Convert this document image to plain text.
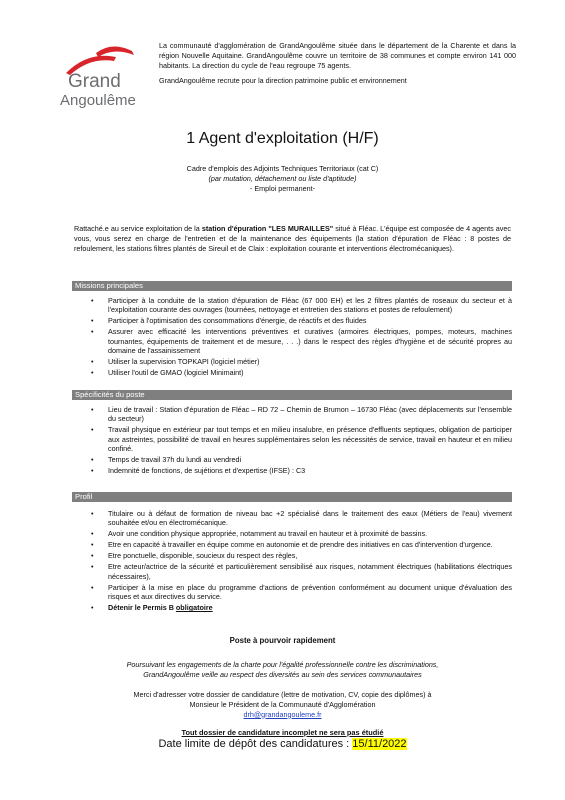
Grand
Angoulême

La communauté d'agglomération de GrandAngoulême située dans le département de la Charente et dans la région Nouvelle Aquitaine. GrandAngoulême couvre un territoire de 38 communes et compte environ 141 000 habitants. La direction du cycle de l'eau regroupe 75 agents.

GrandAngoulême recrute pour la direction patrimoine public et environnement

1 Agent d'exploitation (H/F)
Cadre d'emplois des Adjoints Techniques Territoriaux (cat C)
(par mutation, détachement ou liste d'aptitude)
- Emploi permanent-
Rattaché.e au service exploitation de la station d'épuration "LES MURAILLES" situé à Fléac. L'équipe est composée de 4 agents avec vous, vous serez en charge de l'entretien et de la maintenance des équipements (la station d'épuration de Fléac : 8 postes de refoulement, les stations filtres plantés de Sireuil et de Claix : exploitation courante et interventions électromécaniques).
Missions principales
• Participer à la conduite de la station d'épuration de Fléac (67 000 EH) et les 2 filtres plantés de roseaux du secteur et à l'exploitation courante des ouvrages (tournées, nettoyage et entretien des stations et postes de refoulement)
• Participer à l'optimisation des consommations d'énergie, de réactifs et des fluides
• Assurer avec efficacité les interventions préventives et curatives (armoires électriques, pompes, moteurs, machines tournantes, équipements de traitement et de mesure, . . .) dans le respect des règles d'hygiène et de sécurité propres au domaine de l'assainissement
• Utiliser la supervision TOPKAPI (logiciel métier)
• Utiliser l'outil de GMAO (logiciel Minimaint)
Spécificités du poste
• Lieu de travail : Station d'épuration de Fléac – RD 72 – Chemin de Brumon – 16730 Fléac (avec déplacements sur l'ensemble du secteur)
• Travail physique en extérieur par tout temps et en milieu insalubre, en présence d'effluents septiques, obligation de participer aux astreintes, possibilité de travail en heures supplémentaires selon les nécessités de service, travail en hauteur et en milieu confiné.
• Temps de travail 37h du lundi au vendredi
• Indemnité de fonctions, de sujétions et d'expertise (IFSE) : C3
Profil
• Titulaire ou à défaut de formation de niveau bac +2 spécialisé dans le traitement des eaux (Métiers de l'eau) vivement souhaitée et/ou en électromécanique.
• Avoir une condition physique appropriée, notamment au travail en hauteur et à proximité de bassins.
• Etre en capacité à travailler en équipe comme en autonomie et de prendre des initiatives en cas d'intervention d'urgence.
• Etre ponctuelle, disponible, soucieux du respect des règles,
• Etre acteur/actrice de la sécurité et particulièrement sensibilisé aux risques, notamment électriques (habilitations électriques nécessaires),
• Participer à la mise en place du programme d'actions de prévention conformément au document unique d'évaluation des risques et aux directives du service.
• Détenir le Permis B obligatoire
Poste à pourvoir rapidement
Poursuivant les engagements de la charte pour l'égalité professionnelle contre les discriminations,
GrandAngoulême veille au respect des diversités au sein des services communautaires
Merci d'adresser votre dossier de candidature (lettre de motivation, CV, copie des diplômes) à
Monsieur le Président de la Communauté d'Agglomération
drh@grandangouleme.fr
Tout dossier de candidature incomplet ne sera pas étudié
Date limite de dépôt des candidatures : 15/11/2022
